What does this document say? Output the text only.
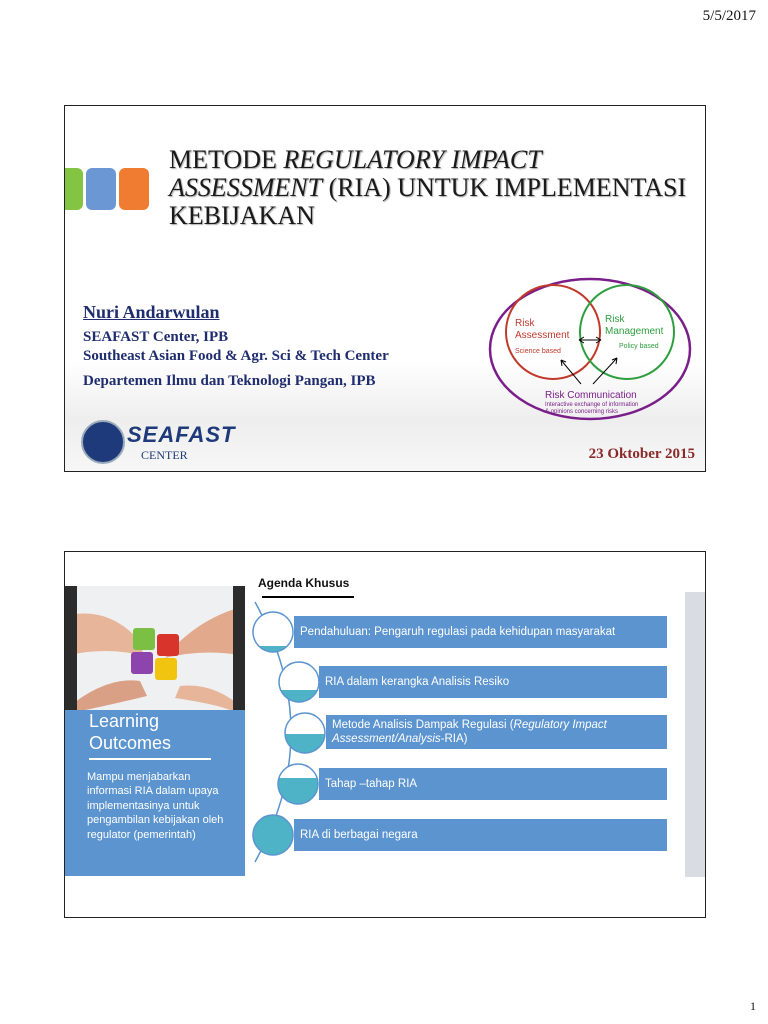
5/5/2017
METODE REGULATORY IMPACT ASSESSMENT (RIA) UNTUK IMPLEMENTASI KEBIJAKAN
Nuri Andarwulan
SEAFAST Center, IPB
Southeast Asian Food & Agr. Sci & Tech Center
Departemen Ilmu dan Teknologi Pangan, IPB
Risk
Assessment
Science based
Risk
Management
Policy based
Risk Communication
Interactive exchange of information
& opinions concerning risks
SEAFAST
CENTER	23 Oktober 2015
Learning
Outcomes
Mampu menjabarkan informasi RIA dalam upaya implementasinya untuk pengambilan kebijakan oleh regulator (pemerintah)
Agenda Khusus
Pendahuluan: Pengaruh regulasi pada kehidupan masyarakat
RIA dalam kerangka Analisis Resiko
Metode Analisis Dampak Regulasi (Regulatory Impact Assessment/Analysis-RIA)
Tahap –tahap RIA
RIA di berbagai negara
1
